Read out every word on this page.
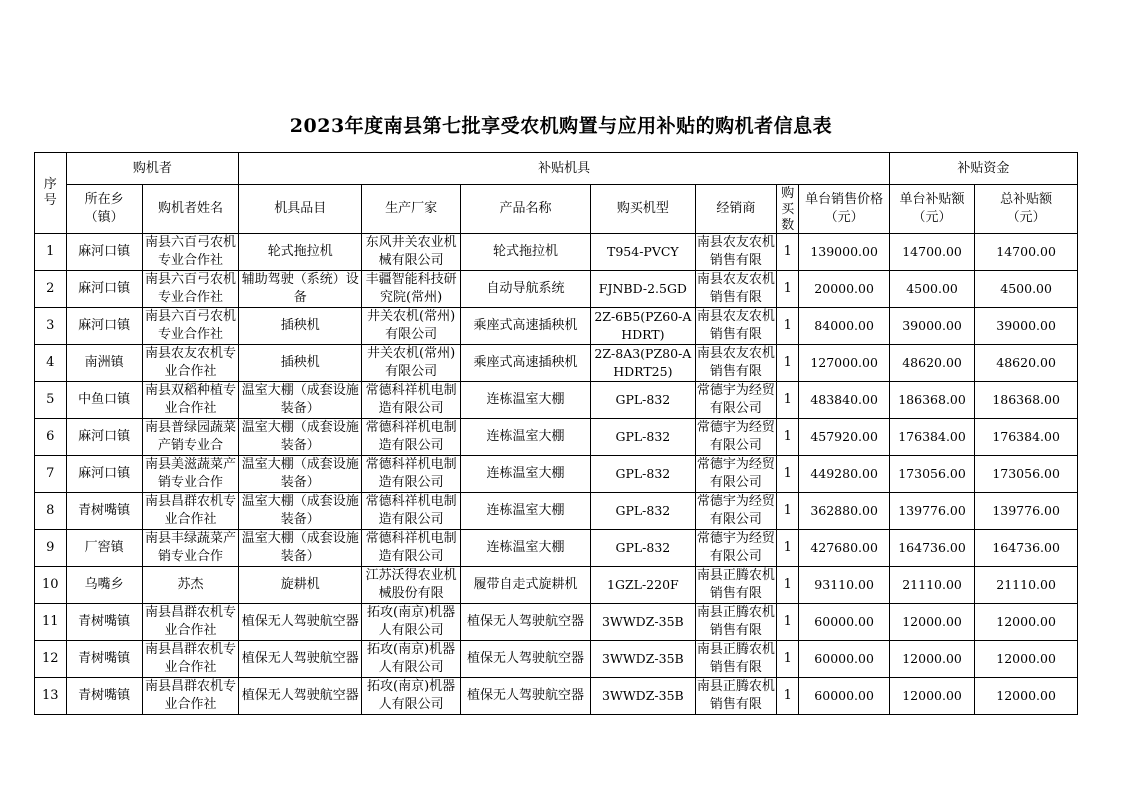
2023年度南县第七批享受农机购置与应用补贴的购机者信息表
序号	购机者		补贴机具							补贴资金	

	所在乡（镇）	购机者姓名	机具品目	生产厂家	产品名称	购买机型	经销商	购买数	单台销售价格（元）	单台补贴额（元）	总补贴额（元）

1	麻河口镇	南县六百弓农机专业合作社	轮式拖拉机	东风井关农业机械有限公司	轮式拖拉机	T954-PVCY	南县农友农机销售有限	1	139000.00	14700.00	14700.00
2	麻河口镇	南县六百弓农机专业合作社	辅助驾驶（系统）设备	丰疆智能科技研究院(常州)	自动导航系统	FJNBD-2.5GD	南县农友农机销售有限	1	20000.00	4500.00	4500.00
3	麻河口镇	南县六百弓农机专业合作社	插秧机	井关农机(常州)有限公司	乘座式高速插秧机	2Z-6B5(PZ60-AHDRT)	南县农友农机销售有限	1	84000.00	39000.00	39000.00
4	南洲镇	南县农友农机专业合作社	插秧机	井关农机(常州)有限公司	乘座式高速插秧机	2Z-8A3(PZ80-AHDRT25)	南县农友农机销售有限	1	127000.00	48620.00	48620.00
5	中鱼口镇	南县双稻种植专业合作社	温室大棚（成套设施装备）	常德科祥机电制造有限公司	连栋温室大棚	GPL-832	常德宇为经贸有限公司	1	483840.00	186368.00	186368.00
6	麻河口镇	南县普绿园蔬菜产销专业合	温室大棚（成套设施装备）	常德科祥机电制造有限公司	连栋温室大棚	GPL-832	常德宇为经贸有限公司	1	457920.00	176384.00	176384.00
7	麻河口镇	南县美滋蔬菜产销专业合作	温室大棚（成套设施装备）	常德科祥机电制造有限公司	连栋温室大棚	GPL-832	常德宇为经贸有限公司	1	449280.00	173056.00	173056.00
8	青树嘴镇	南县昌群农机专业合作社	温室大棚（成套设施装备）	常德科祥机电制造有限公司	连栋温室大棚	GPL-832	常德宇为经贸有限公司	1	362880.00	139776.00	139776.00
9	厂窖镇	南县丰绿蔬菜产销专业合作	温室大棚（成套设施装备）	常德科祥机电制造有限公司	连栋温室大棚	GPL-832	常德宇为经贸有限公司	1	427680.00	164736.00	164736.00
10	乌嘴乡	苏杰	旋耕机	江苏沃得农业机械股份有限	履带自走式旋耕机	1GZL-220F	南县正腾农机销售有限	1	93110.00	21110.00	21110.00
11	青树嘴镇	南县昌群农机专业合作社	植保无人驾驶航空器	拓攻(南京)机器人有限公司	植保无人驾驶航空器	3WWDZ-35B	南县正腾农机销售有限	1	60000.00	12000.00	12000.00
12	青树嘴镇	南县昌群农机专业合作社	植保无人驾驶航空器	拓攻(南京)机器人有限公司	植保无人驾驶航空器	3WWDZ-35B	南县正腾农机销售有限	1	60000.00	12000.00	12000.00
13	青树嘴镇	南县昌群农机专业合作社	植保无人驾驶航空器	拓攻(南京)机器人有限公司	植保无人驾驶航空器	3WWDZ-35B	南县正腾农机销售有限	1	60000.00	12000.00	12000.00
